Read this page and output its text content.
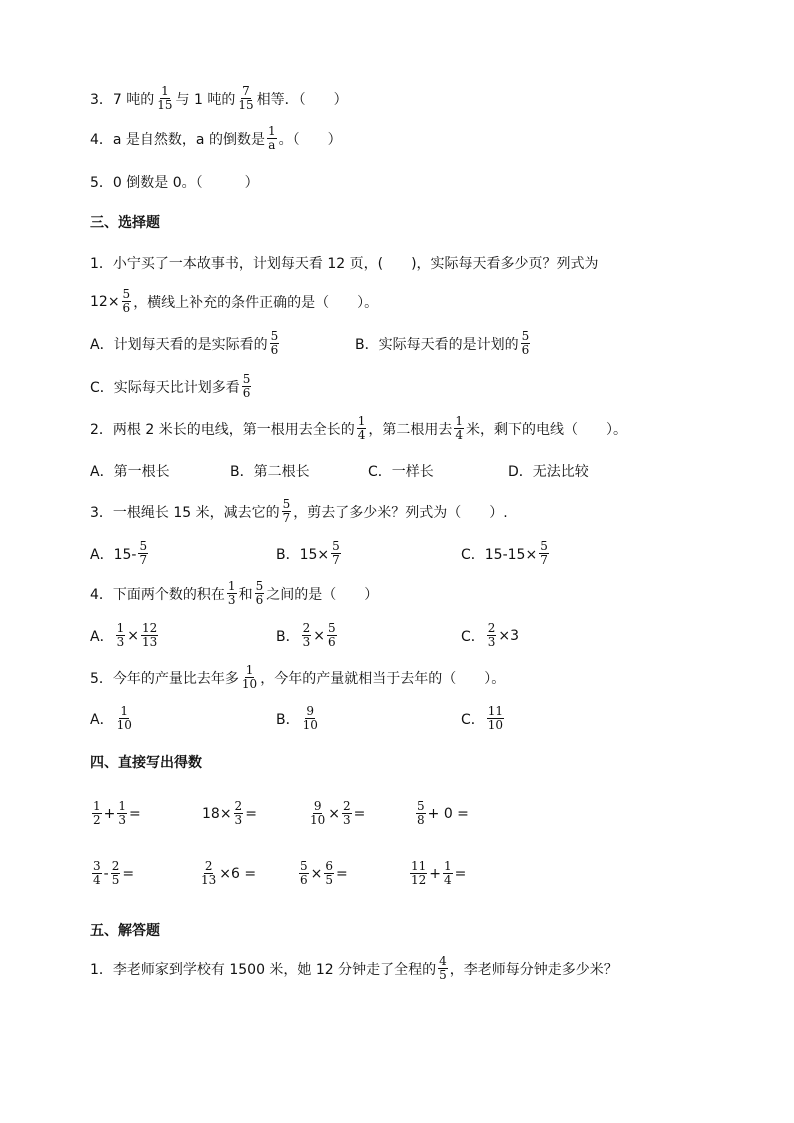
3．7 吨的 $\frac{1}{15}$ 与 1 吨的 $\frac{7}{15}$ 相等．（　　）
4．a 是自然数，a 的倒数是 $\frac{1}{a}$ 。（　　）
5．0 倒数是 0。（　　　）
三、选择题
1．小宁买了一本故事书，计划每天看 12 页，(　　)，实际每天看多少页？列式为
$12\times \frac{5}{6}$ ，横线上补充的条件正确的是（　　）。
A．计划每天看的是实际看的 $\frac{5}{6}$	B．实际每天看的是计划的 $\frac{5}{6}$
C．实际每天比计划多看 $\frac{5}{6}$
2．两根 2 米长的电线，第一根用去全长的 $\frac{1}{4}$ ，第二根用去 $\frac{1}{4}$ 米，剩下的电线（　　）。
A．第一根长	B．第二根长	C．一样长	D．无法比较
3．一根绳长 15 米，减去它的 $\frac{5}{7}$ ，剪去了多少米？列式为（　　）.
A．$15- \frac{5}{7}$	B．$15\times \frac{5}{7}$	C．$15-15\times \frac{5}{7}$
4．下面两个数的积在 $\frac{1}{3}$ 和 $\frac{5}{6}$ 之间的是（　　）
A． $\frac{1}{3} \times \frac{12}{13}$	B． $\frac{2}{3} \times \frac{5}{6}$	C． $\frac{2}{3} \times 3$
5．今年的产量比去年多 $\frac{1}{10}$ ，今年的产量就相当于去年的（　　）。
A． $\frac{1}{10}$	B． $\frac{9}{10}$	C． $\frac{11}{10}$
四、直接写出得数
$\frac{1}{2} + \frac{1}{3}$ =	$18\times \frac{2}{3}$ =	$\frac{9}{10} \times \frac{2}{3}$ =	$\frac{5}{8} + 0$ =
$\frac{3}{4} - \frac{2}{5}$ =	$\frac{2}{13} \times 6$ =	$\frac{5}{6} \times \frac{6}{5}$ =	$\frac{11}{12} + \frac{1}{4}$ =
五、解答题
1．李老师家到学校有 1500 米，她 12 分钟走了全程的 $\frac{4}{5}$ ，李老师每分钟走多少米？
